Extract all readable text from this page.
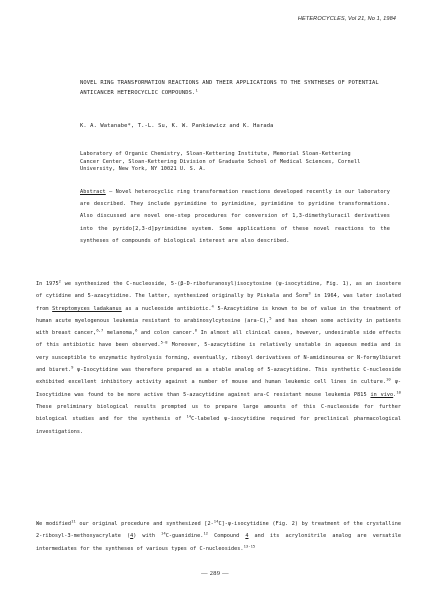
HETEROCYCLES, Vol 21, No 1, 1984
NOVEL RING TRANSFORMATION REACTIONS AND THEIR APPLICATIONS TO THE SYNTHESES OF POTENTIAL ANTICANCER HETEROCYCLIC COMPOUNDS.$^1$
K. A. Watanabe*, T.-L. Su, K. W. Pankiewicz and K. Harada
Laboratory of Organic Chemistry, Sloan-Kettering Institute, Memorial Sloan-Kettering
Cancer Center, Sloan-Kettering Division of Graduate School of Medical Sciences, Cornell
University, New York, NY 10021 U. S. A.
Abstract — Novel heterocyclic ring transformation reactions developed recently in our laboratory are described. They include pyrimidine to pyrimidine, pyrimidine to pyridine transformations. Also discussed are novel one-step procedures for conversion of 1,3-dimethyluracil derivatives into the pyrido[2,3-d]pyrimidine system. Some applications of these novel reactions to the syntheses of compounds of biological interest are also described.
In 1975$^2$ we synthesized the C-nucleoside, 5-(β-D-ribofuranosyl)isocytosine (ψ-isocytidine, Fig. 1), as an isostere of cytidine and 5-azacytidine. The latter, synthesized originally by Piskala and Šorm$^3$ in 1964, was later isolated from Streptomyces ladakanus as a nucleoside antibiotic.$^4$ 5-Azacytidine is known to be of value in the treatment of human acute myelogenous leukemia resistant to arabinosylcytosine (ara-C),$^5$ and has shown some activity in patients with breast cancer,$^{6,7}$ melanoma,$^6$ and colon cancer.$^6$ In almost all clinical cases, however, undesirable side effects of this antibiotic have been observed.$^{5-8}$ Moreover, 5-azacytidine is relatively unstable in aqueous media and is very susceptible to enzymatic hydrolysis forming, eventually, ribosyl derivatives of N-amidinourea or N-formylbiuret and biuret.$^9$ ψ-Isocytidine was therefore prepared as a stable analog of 5-azacytidine. This synthetic C-nucleoside exhibited excellent inhibitory activity against a number of mouse and human leukemic cell lines in culture.$^{10}$ ψ-Isocytidine was found to be more active than 5-azacytidine against ara-C resistant mouse leukemia P815 in vivo.$^{10}$ These preliminary biological results prompted us to prepare large amounts of this C-nucleoside for further biological studies and for the synthesis of $^{14}$C-labeled ψ-isocytidine required for preclinical pharmacological investigations.
We modified$^{11}$ our original procedure and synthesized [2-$^{14}$C]-ψ-isocytidine (Fig. 2) by treatment of the crystalline 2-ribosyl-3-methoxyacrylate (4) with $^{14}$C-guanidine.$^{12}$ Compound 4 and its acrylonitrile analog are versatile intermediates for the syntheses of various types of C-nucleosides.$^{13-15}$
— 289 —
